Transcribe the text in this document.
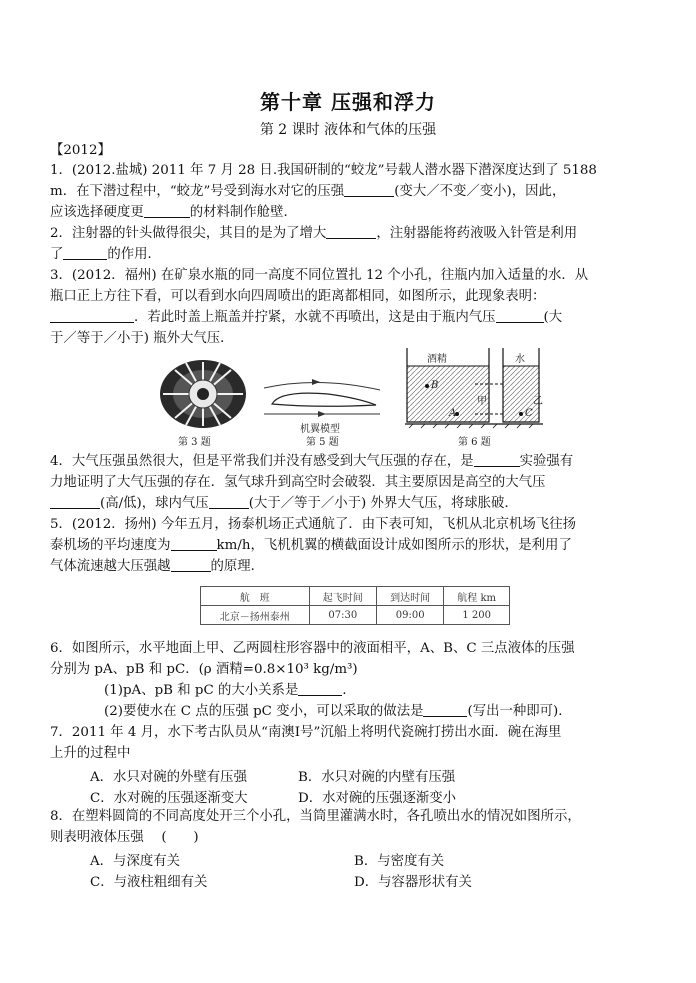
第十章 压强和浮力
第 2 课时 液体和气体的压强
【2012】
1．(2012.盐城) 2011 年 7 月 28 日.我国研制的“蛟龙”号载人潜水器下潜深度达到了 5188
m．在下潜过程中，“蛟龙”号受到海水对它的压强	(变大／不变／变小)，因此，
应该选择硬度更	的材料制作舱壁．
2．注射器的针头做得很尖，其目的是为了增大	，注射器能将药液吸入针管是利用
了	的作用．
3．(2012．福州) 在矿泉水瓶的同一高度不同位置扎 12 个小孔，往瓶内加入适量的水．从
瓶口正上方往下看，可以看到水向四周喷出的距离都相同，如图所示，此现象表明：
．若此时盖上瓶盖并拧紧，水就不再喷出，这是由于瓶内气压	(大
于／等于／小于) 瓶外大气压．
第 3 题
机翼模型
第 5 题
酒精	水
甲	乙
B
A	C
第 6 题
4．大气压强虽然很大，但是平常我们并没有感受到大气压强的存在，是	实验强有
力地证明了大气压强的存在．氢气球升到高空时会破裂．其主要原因是高空的大气压
(高/低)，球内气压	(大于／等于／小于) 外界大气压，将球胀破．
5．(2012．扬州) 今年五月，扬泰机场正式通航了．由下表可知，飞机从北京机场飞往扬
泰机场的平均速度为	km/h，飞机机翼的横截面设计成如图所示的形状，是利用了
气体流速越大压强越	的原理．
航　班	起飞时间	到达时间	航程 km
北京－扬州泰州	07:30	09:00	1 200
6．如图所示，水平地面上甲、乙两圆柱形容器中的液面相平，A、B、C 三点液体的压强
分别为 pA、pB 和 pC．(ρ 酒精=0.8×10³ kg/m³)
(1)pA、pB 和 pC 的大小关系是	．
(2)要使水在 C 点的压强 pC 变小，可以采取的做法是	(写出一种即可)．
7．2011 年 4 月，水下考古队员从“南澳Ⅰ号”沉船上将明代瓷碗打捞出水面．碗在海里
上升的过程中
A．水只对碗的外壁有压强	B．水只对碗的内壁有压强
C．水对碗的压强逐渐变大	D．水对碗的压强逐渐变小
8．在塑料圆筒的不同高度处开三个小孔，当筒里灌满水时，各孔喷出水的情况如图所示，
则表明液体压强　 (　　)
A．与深度有关	B．与密度有关
C．与液柱粗细有关	D．与容器形状有关
